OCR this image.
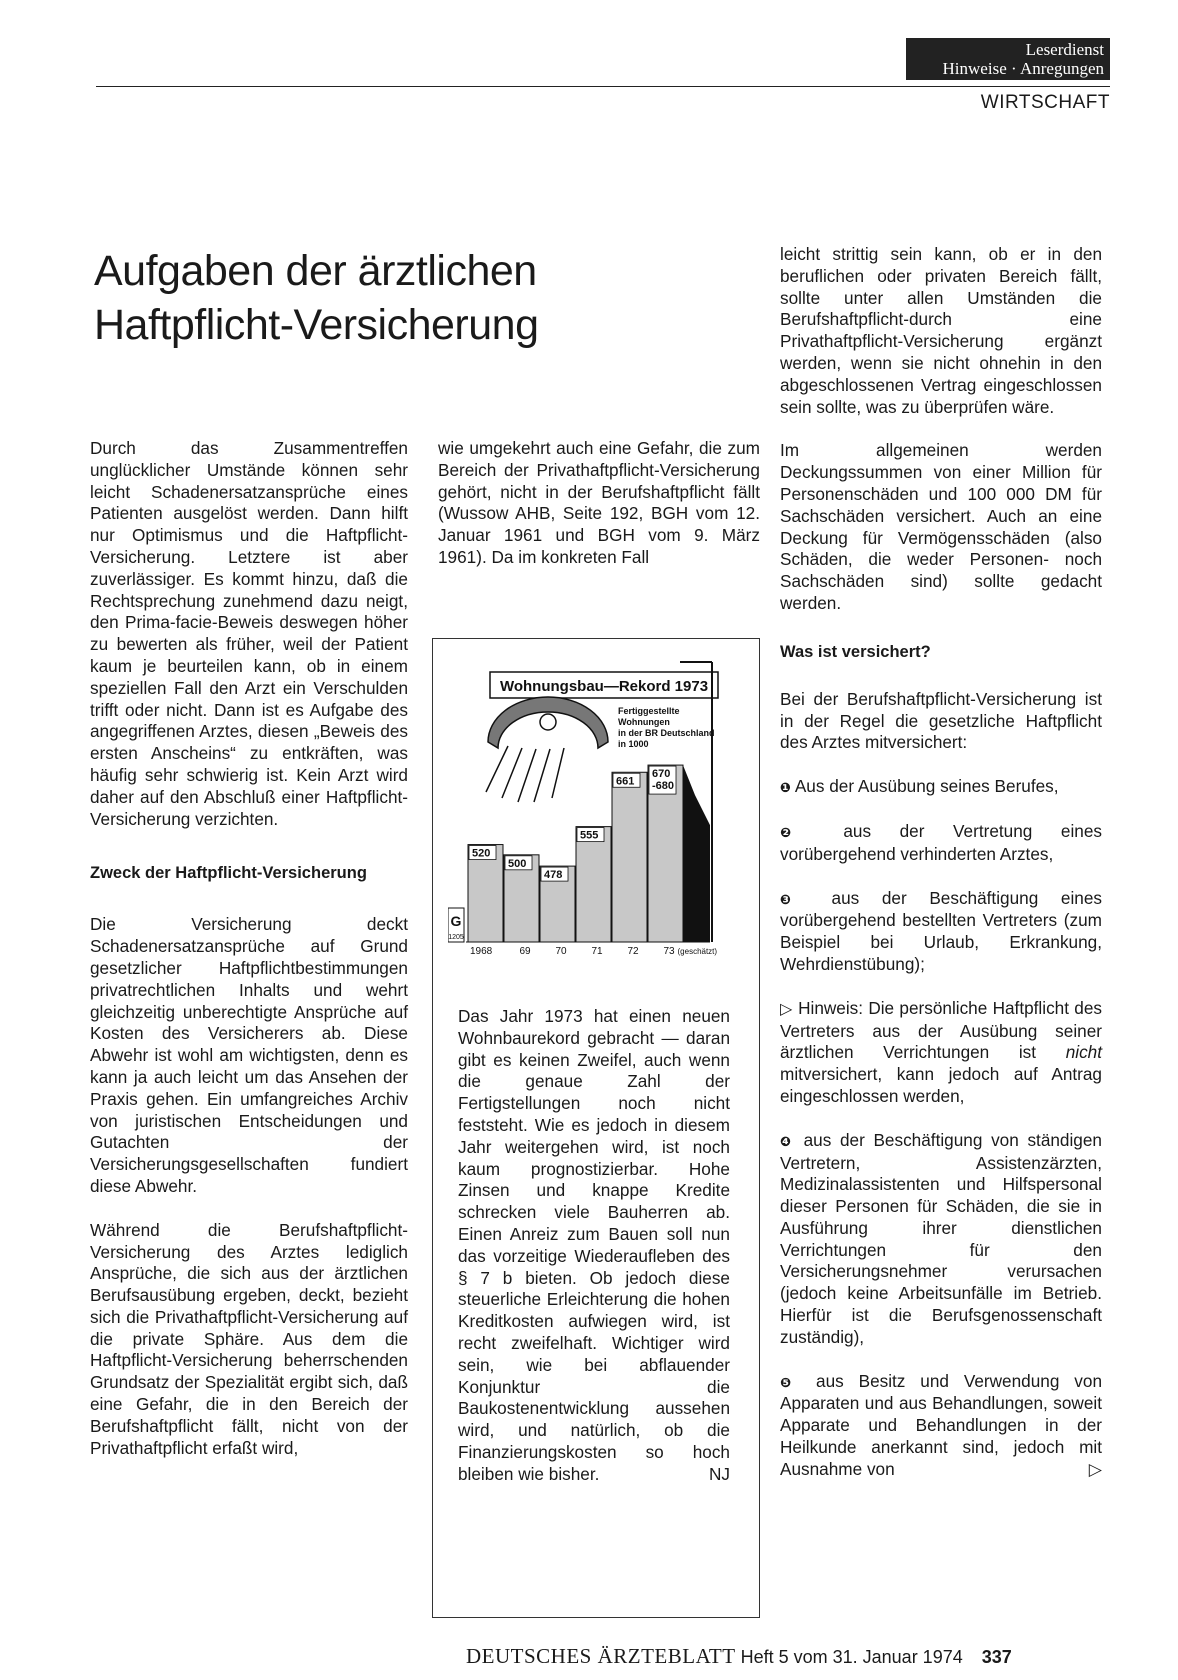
Leserdienst
Hinweise · Anregungen
WIRTSCHAFT
Aufgaben der ärztlichen
Haftpflicht-Versicherung

Durch das Zusammentreffen unglücklicher Umstände können sehr leicht Schadenersatzansprüche eines Patienten ausgelöst werden. Dann hilft nur Optimismus und die Haftpflicht-Versicherung. Letztere ist aber zuverlässiger. Es kommt hinzu, daß die Rechtsprechung zunehmend dazu neigt, den Prima-facie-Beweis deswegen höher zu bewerten als früher, weil der Patient kaum je beurteilen kann, ob in einem speziellen Fall den Arzt ein Verschulden trifft oder nicht. Dann ist es Aufgabe des angegriffenen Arztes, diesen „Beweis des ersten Anscheins“ zu entkräften, was häufig sehr schwierig ist. Kein Arzt wird daher auf den Abschluß einer Haftpflicht-Versicherung verzichten.

Zweck der Haftpflicht-Versicherung

Die Versicherung deckt Schadenersatzansprüche auf Grund gesetzlicher Haftpflichtbestimmungen privatrechtlichen Inhalts und wehrt gleichzeitig unberechtigte Ansprüche auf Kosten des Versicherers ab. Diese Abwehr ist wohl am wichtigsten, denn es kann ja auch leicht um das Ansehen der Praxis gehen. Ein umfangreiches Archiv von juristischen Entscheidungen und Gutachten der Versicherungsgesellschaften fundiert diese Abwehr.

Während die Berufshaftpflicht-Versicherung des Arztes lediglich Ansprüche, die sich aus der ärztlichen Berufsausübung ergeben, deckt, bezieht sich die Privathaftpflicht-Versicherung auf die private Sphäre. Aus dem die Haftpflicht-Versicherung beherrschenden Grundsatz der Spezialität ergibt sich, daß eine Gefahr, die in den Bereich der Berufshaftpflicht fällt, nicht von der Privathaftpflicht erfaßt wird,

wie umgekehrt auch eine Gefahr, die zum Bereich der Privathaftpflicht-Versicherung gehört, nicht in der Berufshaftpflicht fällt (Wussow AHB, Seite 192, BGH vom 12. Januar 1961 und BGH vom 9. März 1961). Da im konkreten Fall

Wohnungsbau—Rekord 1973
Fertiggestellte Wohnungen in der BR Deutschland in 1000
520
500
478
555
661
670 -680
1968	69 70 71 72 73 (geschätzt)
G
1205

Das Jahr 1973 hat einen neuen Wohnbaurekord gebracht — daran gibt es keinen Zweifel, auch wenn die genaue Zahl der Fertigstellungen noch nicht feststeht. Wie es jedoch in diesem Jahr weitergehen wird, ist noch kaum prognostizierbar. Hohe Zinsen und knappe Kredite schrecken viele Bauherren ab. Einen Anreiz zum Bauen soll nun das vorzeitige Wiederaufleben des § 7 b bieten. Ob jedoch diese steuerliche Erleichterung die hohen Kreditkosten aufwiegen wird, ist recht zweifelhaft. Wichtiger wird sein, wie bei abflauender Konjunktur die Baukostenentwicklung aussehen wird, und natürlich, ob die Finanzierungskosten so hoch bleiben wie bisher.	NJ

leicht strittig sein kann, ob er in den beruflichen oder privaten Bereich fällt, sollte unter allen Umständen die Berufshaftpflicht-durch eine Privathaftpflicht-Versicherung ergänzt werden, wenn sie nicht ohnehin in den abgeschlossenen Vertrag eingeschlossen sein sollte, was zu überprüfen wäre.

Im allgemeinen werden Deckungssummen von einer Million für Personenschäden und 100 000 DM für Sachschäden versichert. Auch an eine Deckung für Vermögensschäden (also Schäden, die weder Personen- noch Sachschäden sind) sollte gedacht werden.

Was ist versichert?

Bei der Berufshaftpflicht-Versicherung ist in der Regel die gesetzliche Haftpflicht des Arztes mitversichert:

❶ Aus der Ausübung seines Berufes,

❷ aus der Vertretung eines vorübergehend verhinderten Arztes,

❸ aus der Beschäftigung eines vorübergehend bestellten Vertreters (zum Beispiel bei Urlaub, Erkrankung, Wehrdienstübung);

▷ Hinweis: Die persönliche Haftpflicht des Vertreters aus der Ausübung seiner ärztlichen Verrichtungen ist nicht mitversichert, kann jedoch auf Antrag eingeschlossen werden,

❹ aus der Beschäftigung von ständigen Vertretern, Assistenzärzten, Medizinalassistenten und Hilfspersonal dieser Personen für Schäden, die sie in Ausführung ihrer dienstlichen Verrichtungen für den Versicherungsnehmer verursachen (jedoch keine Arbeitsunfälle im Betrieb. Hierfür ist die Berufsgenossenschaft zuständig),

❺ aus Besitz und Verwendung von Apparaten und aus Behandlungen, soweit Apparate und Behandlungen in der Heilkunde anerkannt sind, jedoch mit Ausnahme von	▷

DEUTSCHES ÄRZTEBLATT Heft 5 vom 31. Januar 1974 337
